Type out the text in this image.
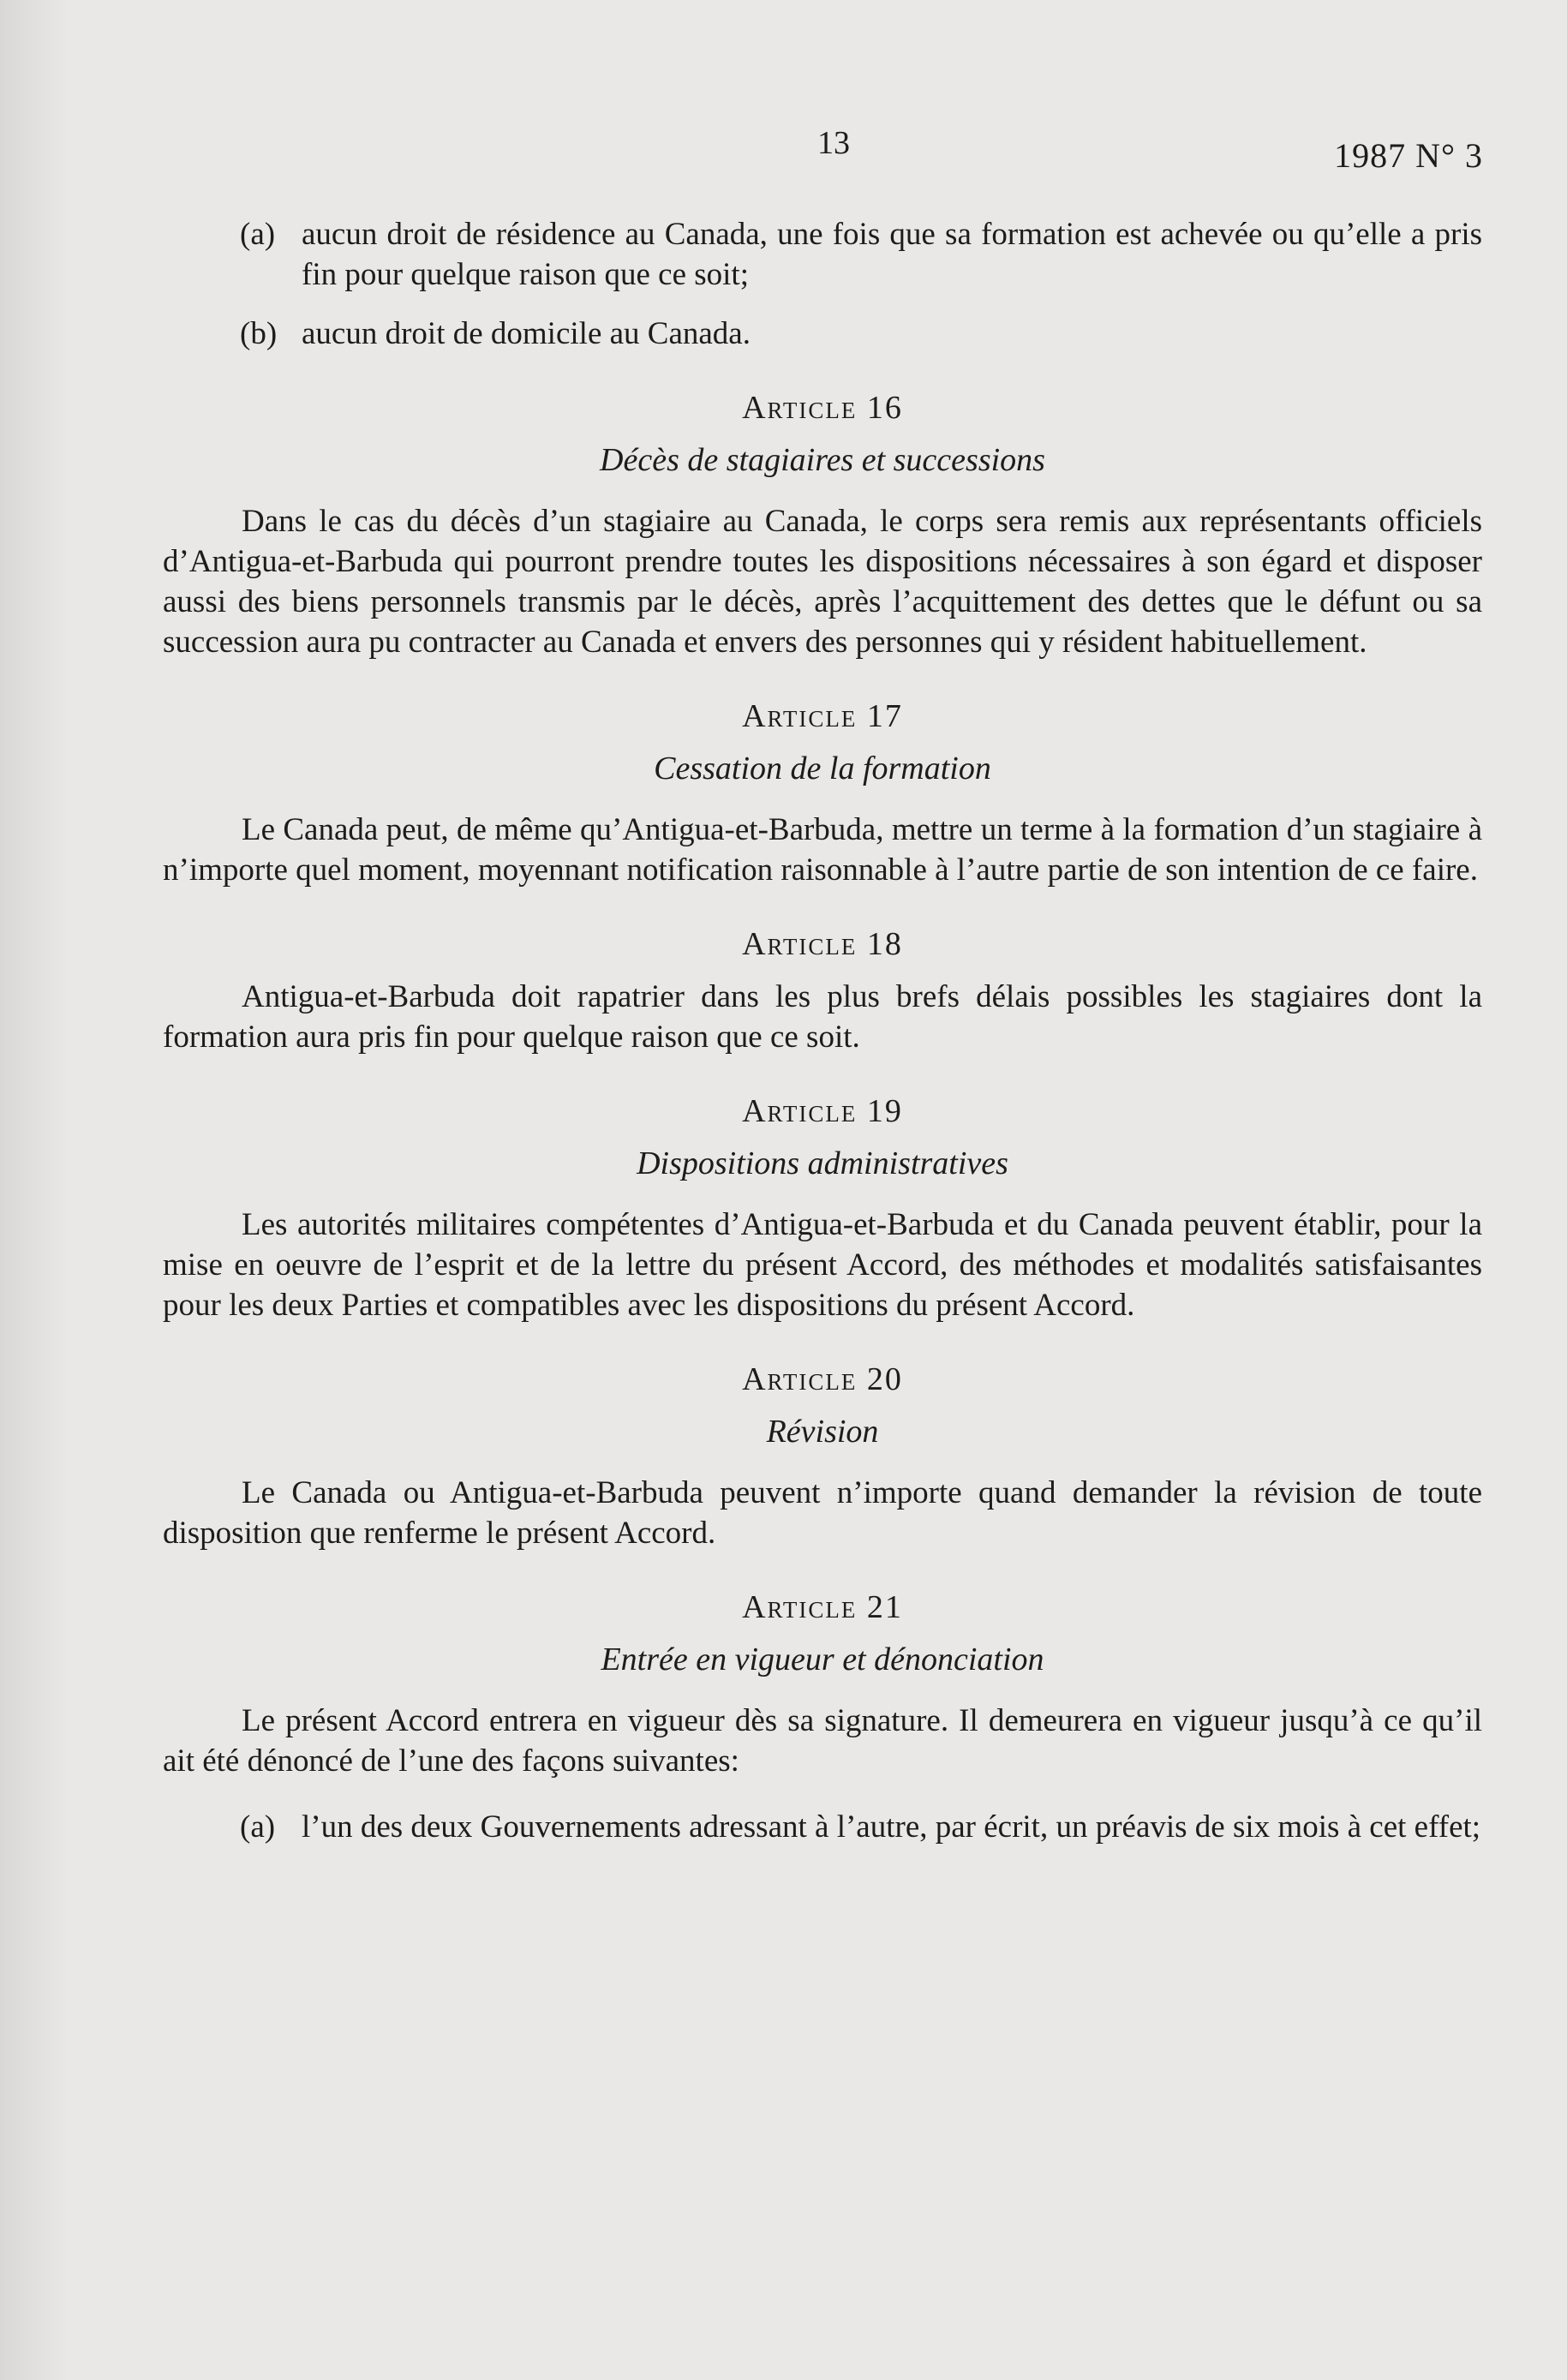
13	1987 N° 3
(a) aucun droit de résidence au Canada, une fois que sa formation est achevée ou qu’elle a pris fin pour quelque raison que ce soit;
(b) aucun droit de domicile au Canada.
Article 16
Décès de stagiaires et successions

Dans le cas du décès d’un stagiaire au Canada, le corps sera remis aux représentants officiels d’Antigua-et-Barbuda qui pourront prendre toutes les dispositions nécessaires à son égard et disposer aussi des biens personnels transmis par le décès, après l’acquittement des dettes que le défunt ou sa succession aura pu contracter au Canada et envers des personnes qui y résident habituellement.

Article 17
Cessation de la formation

Le Canada peut, de même qu’Antigua-et-Barbuda, mettre un terme à la formation d’un stagiaire à n’importe quel moment, moyennant notification raisonnable à l’autre partie de son intention de ce faire.

Article 18

Antigua-et-Barbuda doit rapatrier dans les plus brefs délais possibles les stagiaires dont la formation aura pris fin pour quelque raison que ce soit.

Article 19
Dispositions administratives

Les autorités militaires compétentes d’Antigua-et-Barbuda et du Canada peuvent établir, pour la mise en oeuvre de l’esprit et de la lettre du présent Accord, des méthodes et modalités satisfaisantes pour les deux Parties et compatibles avec les dispositions du présent Accord.

Article 20
Révision

Le Canada ou Antigua-et-Barbuda peuvent n’importe quand demander la révision de toute disposition que renferme le présent Accord.

Article 21
Entrée en vigueur et dénonciation

Le présent Accord entrera en vigueur dès sa signature. Il demeurera en vigueur jusqu’à ce qu’il ait été dénoncé de l’une des façons suivantes:

(a) l’un des deux Gouvernements adressant à l’autre, par écrit, un préavis de six mois à cet effet;
